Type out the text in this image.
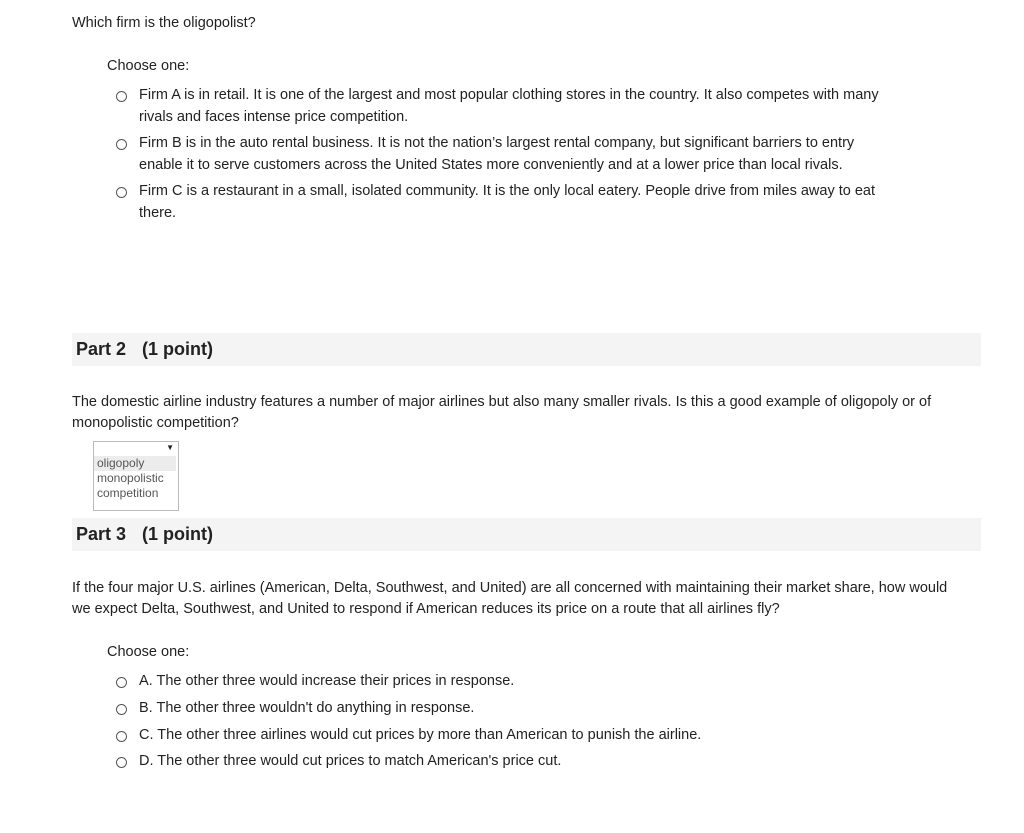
Which firm is the oligopolist?
Choose one:
Firm A is in retail. It is one of the largest and most popular clothing stores in the country. It also competes with many rivals and faces intense price competition.
Firm B is in the auto rental business. It is not the nation’s largest rental company, but significant barriers to entry enable it to serve customers across the United States more conveniently and at a lower price than local rivals.
Firm C is a restaurant in a small, isolated community. It is the only local eatery. People drive from miles away to eat there.
Part 2 (1 point)
The domestic airline industry features a number of major airlines but also many smaller rivals. Is this a good example of oligopoly or of monopolistic competition?
▼
oligopoly
monopolistic competition
Part 3 (1 point)
If the four major U.S. airlines (American, Delta, Southwest, and United) are all concerned with maintaining their market share, how would we expect Delta, Southwest, and United to respond if American reduces its price on a route that all airlines fly?
Choose one:
A. The other three would increase their prices in response.
B. The other three wouldn't do anything in response.
C. The other three airlines would cut prices by more than American to punish the airline.
D. The other three would cut prices to match American's price cut.
